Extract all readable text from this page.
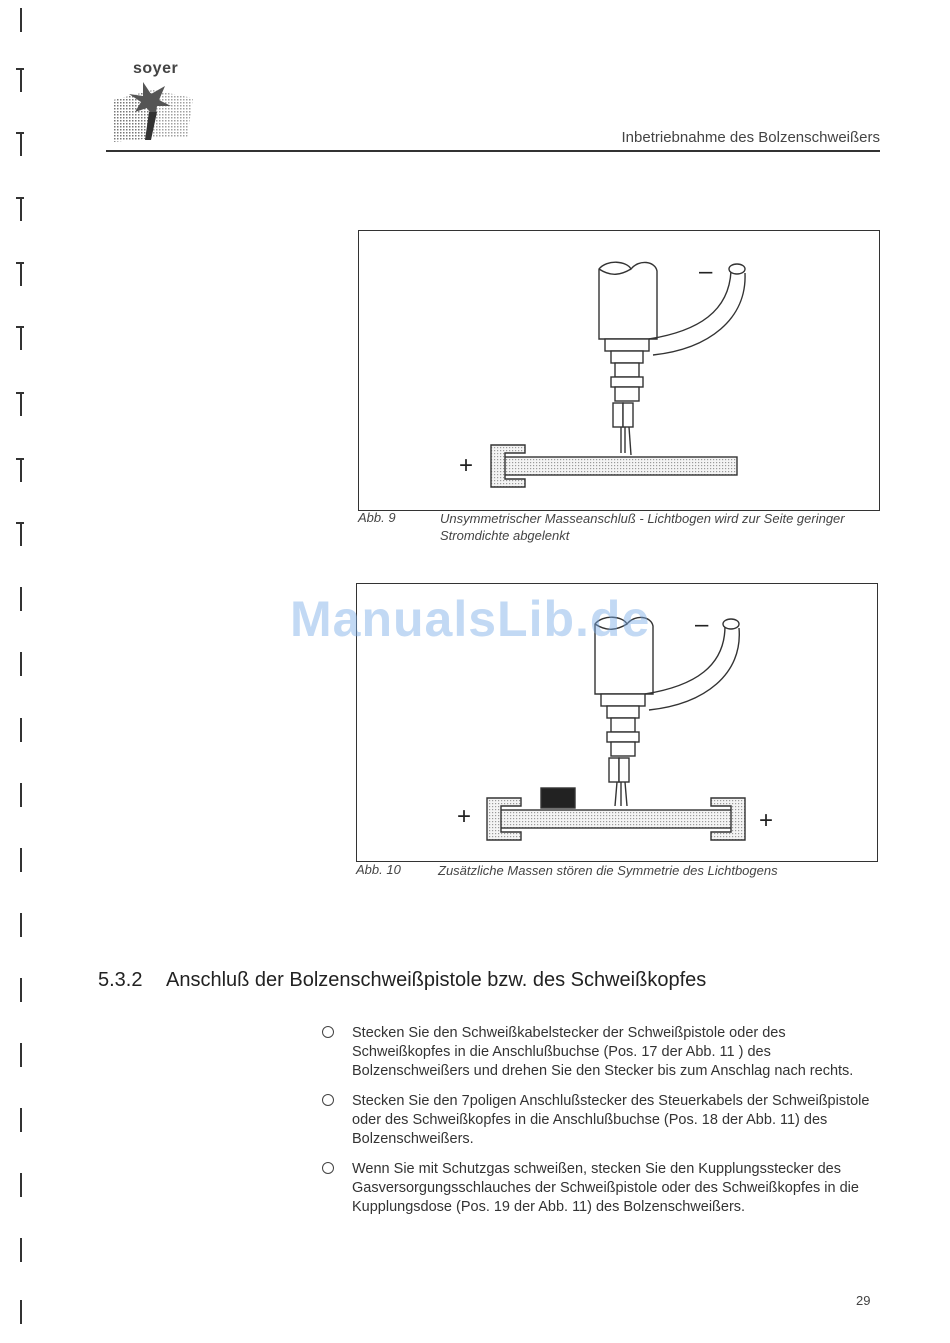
soyer
Inbetriebnahme des Bolzenschweißers
–
+
Abb. 9	Unsymmetrischer Masseanschluß - Lichtbogen wird zur Seite geringer Stromdichte abgelenkt
–
+	+
Abb. 10	Zusätzliche Massen stören die Symmetrie des Lichtbogens
ManualsLib.de
5.3.2 Anschluß der Bolzenschweißpistole bzw. des Schweißkopfes
Stecken Sie den Schweißkabelstecker der Schweißpistole oder des Schweißkopfes in die Anschlußbuchse (Pos. 17 der Abb. 11 ) des Bolzenschweißers und drehen Sie den Stecker bis zum Anschlag nach rechts.
Stecken Sie den 7poligen Anschlußstecker des Steuerkabels der Schweißpistole oder des Schweißkopfes in die Anschlußbuchse (Pos. 18 der Abb. 11) des Bolzenschweißers.
Wenn Sie mit Schutzgas schweißen, stecken Sie den Kupplungsstecker des Gasversorgungsschlauches der Schweißpistole oder des Schweißkopfes in die Kupplungsdose (Pos. 19 der Abb. 11) des Bolzenschweißers.
29
